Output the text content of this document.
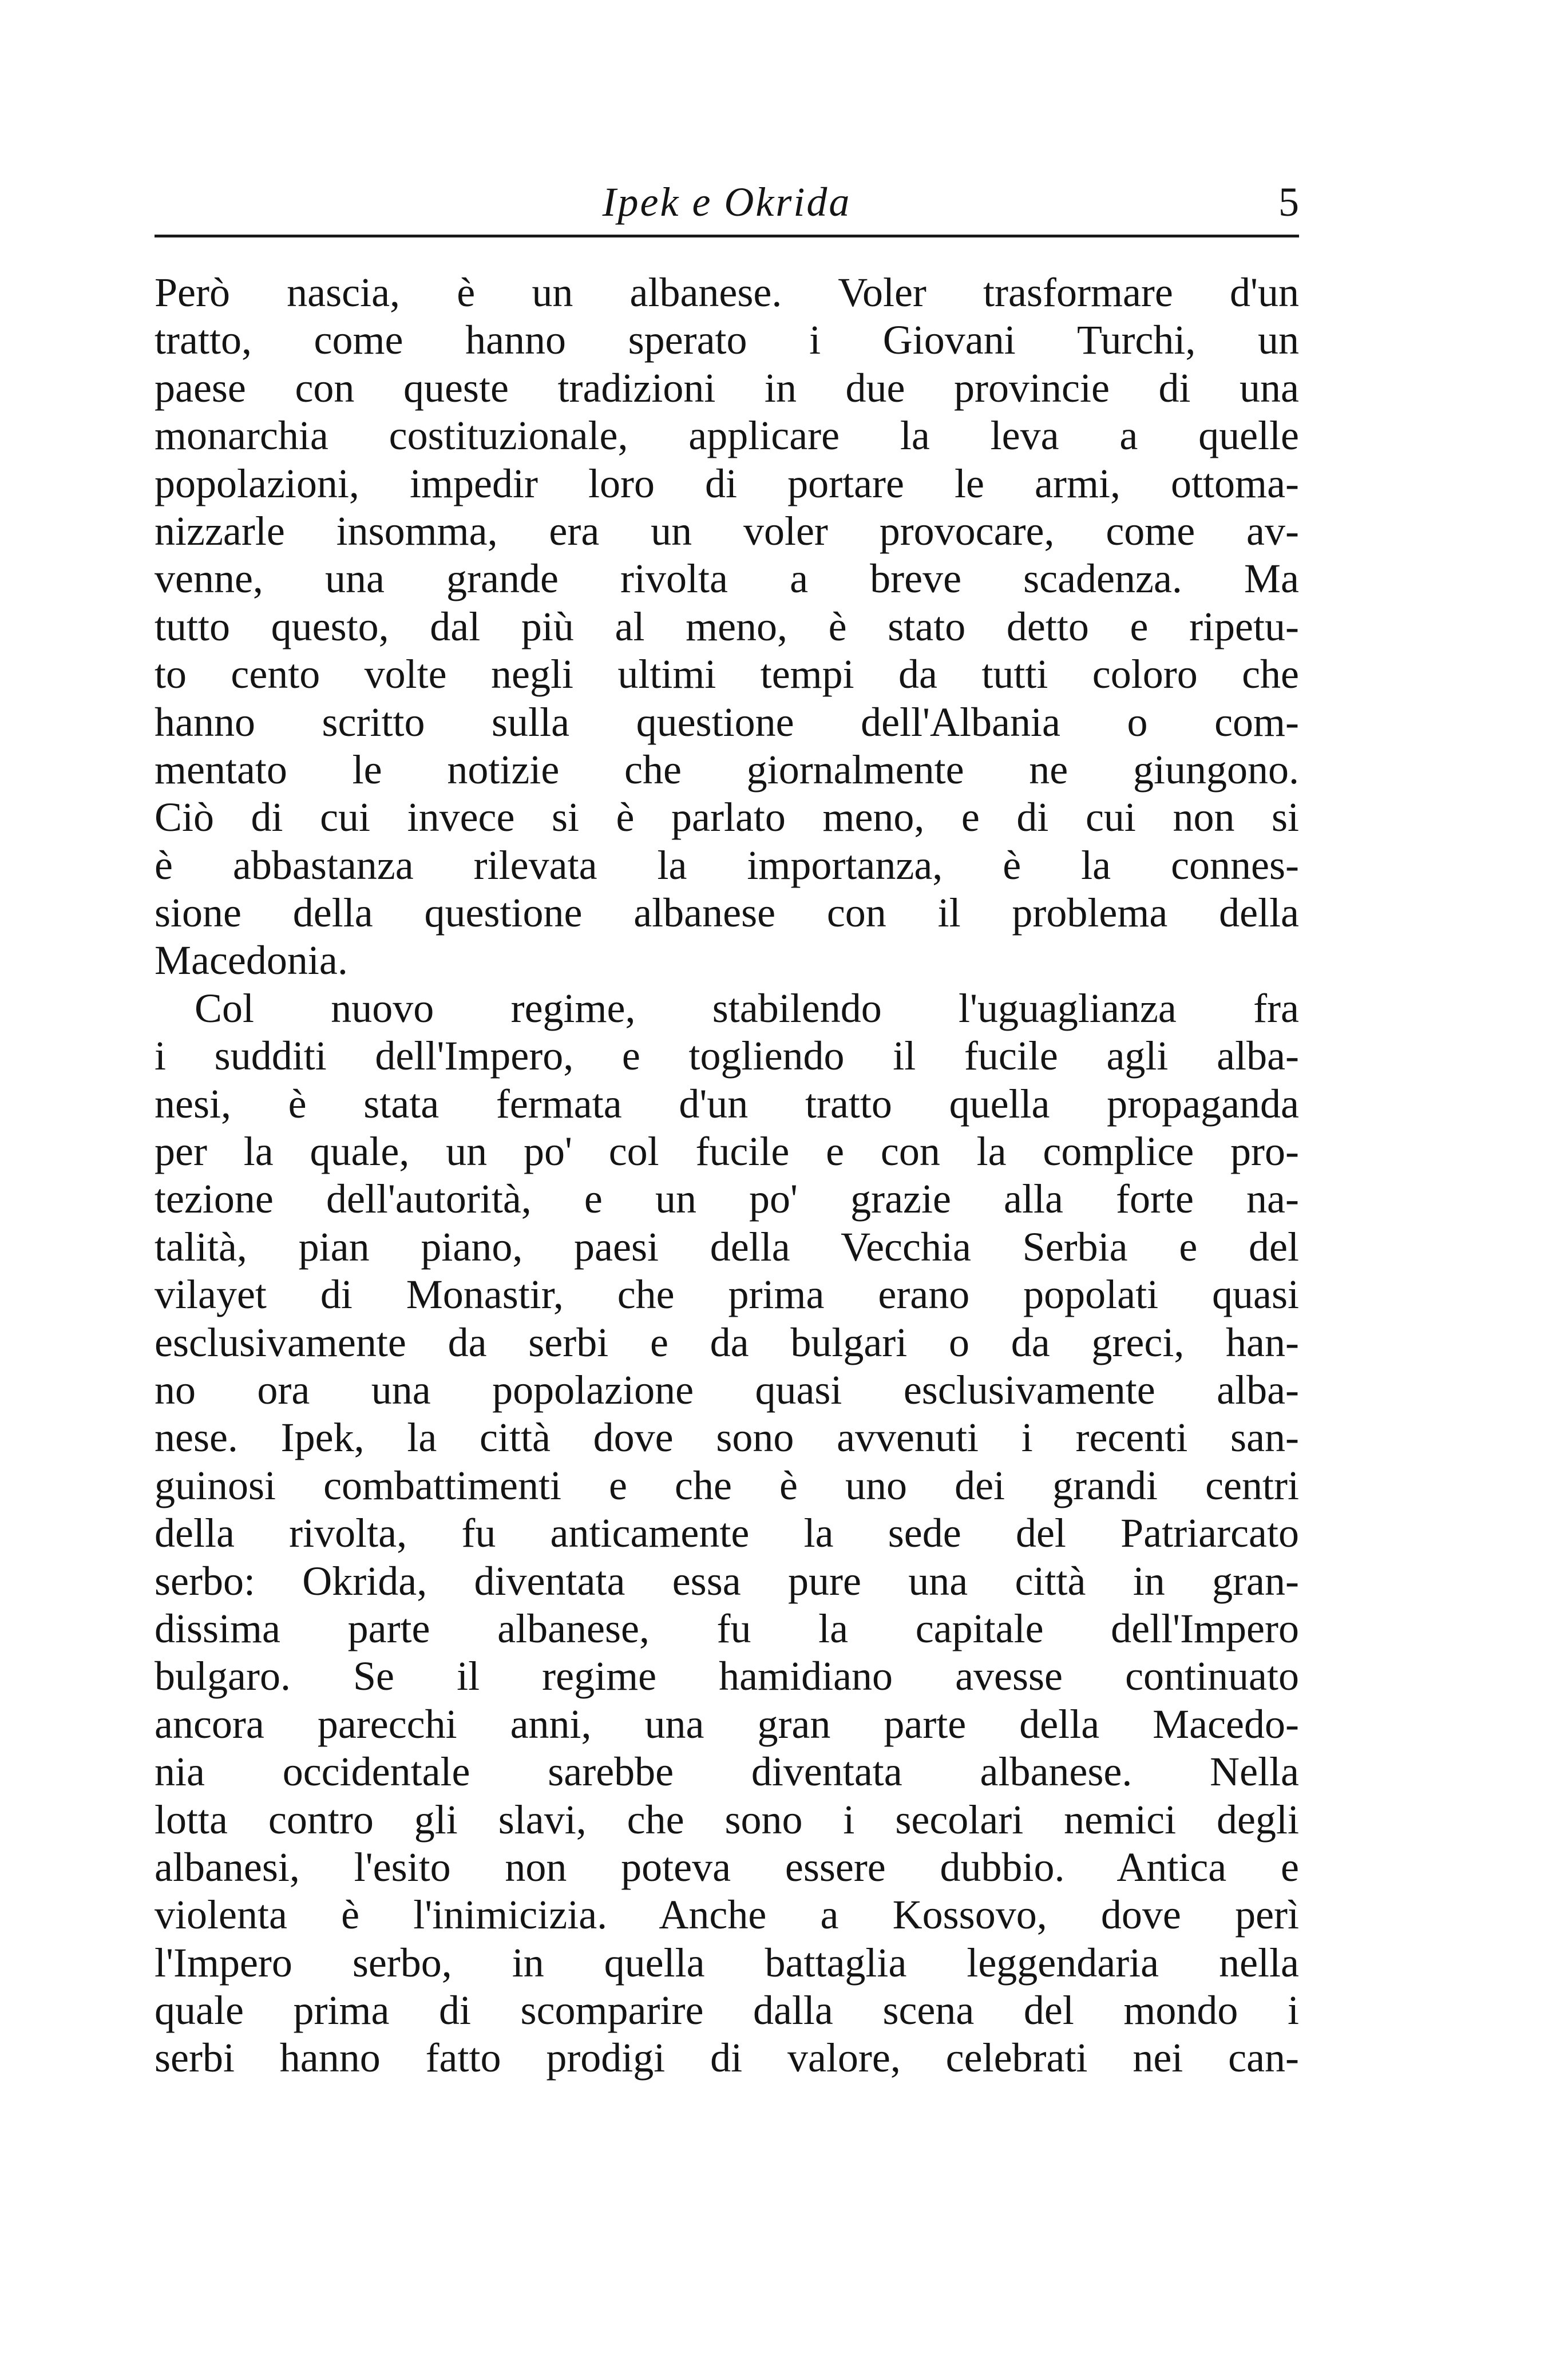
Ipek e Okrida	5
Però nascia, è un albanese. Voler trasformare d'un
tratto, come hanno sperato i Giovani Turchi, un
paese con queste tradizioni in due provincie di una
monarchia costituzionale, applicare la leva a quelle
popolazioni, impedir loro di portare le armi, ottoma-
nizzarle insomma, era un voler provocare, come av-
venne, una grande rivolta a breve scadenza. Ma
tutto questo, dal più al meno, è stato detto e ripetu-
to cento volte negli ultimi tempi da tutti coloro che
hanno scritto sulla questione dell'Albania o com-
mentato le notizie che giornalmente ne giungono.
Ciò di cui invece si è parlato meno, e di cui non si
è abbastanza rilevata la importanza, è la connes-
sione della questione albanese con il problema della
Macedonia.
Col nuovo regime, stabilendo l'uguaglianza fra
i sudditi dell'Impero, e togliendo il fucile agli alba-
nesi, è stata fermata d'un tratto quella propaganda
per la quale, un po' col fucile e con la complice pro-
tezione dell'autorità, e un po' grazie alla forte na-
talità, pian piano, paesi della Vecchia Serbia e del
vilayet di Monastir, che prima erano popolati quasi
esclusivamente da serbi e da bulgari o da greci, han-
no ora una popolazione quasi esclusivamente alba-
nese. Ipek, la città dove sono avvenuti i recenti san-
guinosi combattimenti e che è uno dei grandi centri
della rivolta, fu anticamente la sede del Patriarcato
serbo: Okrida, diventata essa pure una città in gran-
dissima parte albanese, fu la capitale dell'Impero
bulgaro. Se il regime hamidiano avesse continuato
ancora parecchi anni, una gran parte della Macedo-
nia occidentale sarebbe diventata albanese. Nella
lotta contro gli slavi, che sono i secolari nemici degli
albanesi, l'esito non poteva essere dubbio. Antica e
violenta è l'inimicizia. Anche a Kossovo, dove perì
l'Impero serbo, in quella battaglia leggendaria nella
quale prima di scomparire dalla scena del mondo i
serbi hanno fatto prodigi di valore, celebrati nei can-
